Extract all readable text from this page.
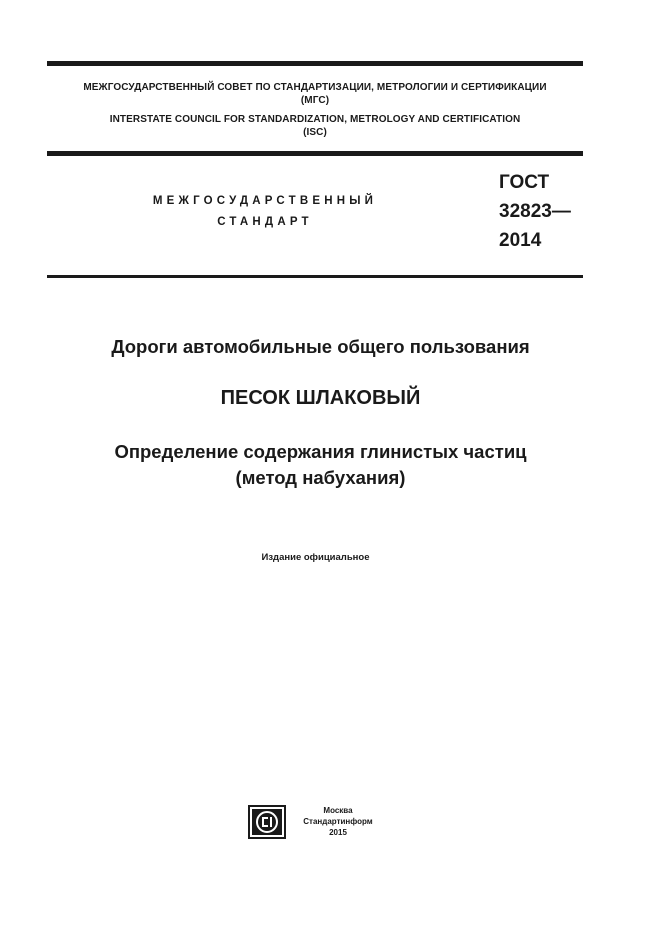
МЕЖГОСУДАРСТВЕННЫЙ СОВЕТ ПО СТАНДАРТИЗАЦИИ, МЕТРОЛОГИИ И СЕРТИФИКАЦИИ
(МГС)
INTERSTATE COUNCIL FOR STANDARDIZATION, METROLOGY AND CERTIFICATION
(ISC)
МЕЖГОСУДАРСТВЕННЫЙ
СТАНДАРТ
ГОСТ
32823—
2014
Дороги автомобильные общего пользования
ПЕСОК ШЛАКОВЫЙ
Определение содержания глинистых частиц
(метод набухания)
Издание официальное
Москва
Стандартинформ
2015
